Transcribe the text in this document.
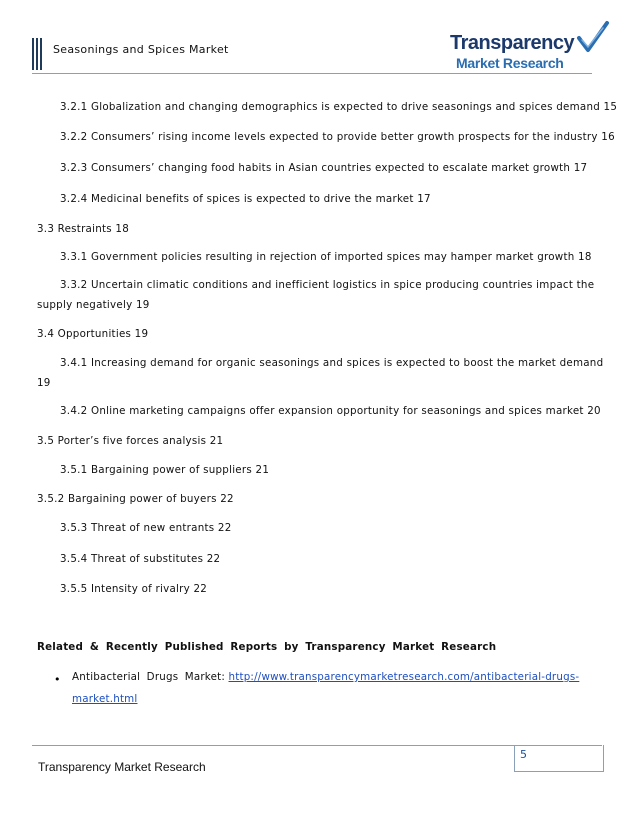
Seasonings and Spices Market	Transparency
Market Research
3.2.1 Globalization and changing demographics is expected to drive seasonings and spices demand 15
3.2.2 Consumers’ rising income levels expected to provide better growth prospects for the industry 16
3.2.3 Consumers’ changing food habits in Asian countries expected to escalate market growth 17
3.2.4 Medicinal benefits of spices is expected to drive the market 17
3.3 Restraints 18
3.3.1 Government policies resulting in rejection of imported spices may hamper market growth 18
3.3.2 Uncertain climatic conditions and inefficient logistics in spice producing countries impact the
supply negatively 19
3.4 Opportunities 19
3.4.1 Increasing demand for organic seasonings and spices is expected to boost the market demand
19
3.4.2 Online marketing campaigns offer expansion opportunity for seasonings and spices market 20
3.5 Porter’s five forces analysis 21
3.5.1 Bargaining power of suppliers 21
3.5.2 Bargaining power of buyers 22
3.5.3 Threat of new entrants 22
3.5.4 Threat of substitutes 22
3.5.5 Intensity of rivalry 22
Related & Recently Published Reports by Transparency Market Research
• Antibacterial Drugs Market: http://www.transparencymarketresearch.com/antibacterial-drugs-
market.html
5
Transparency Market Research
